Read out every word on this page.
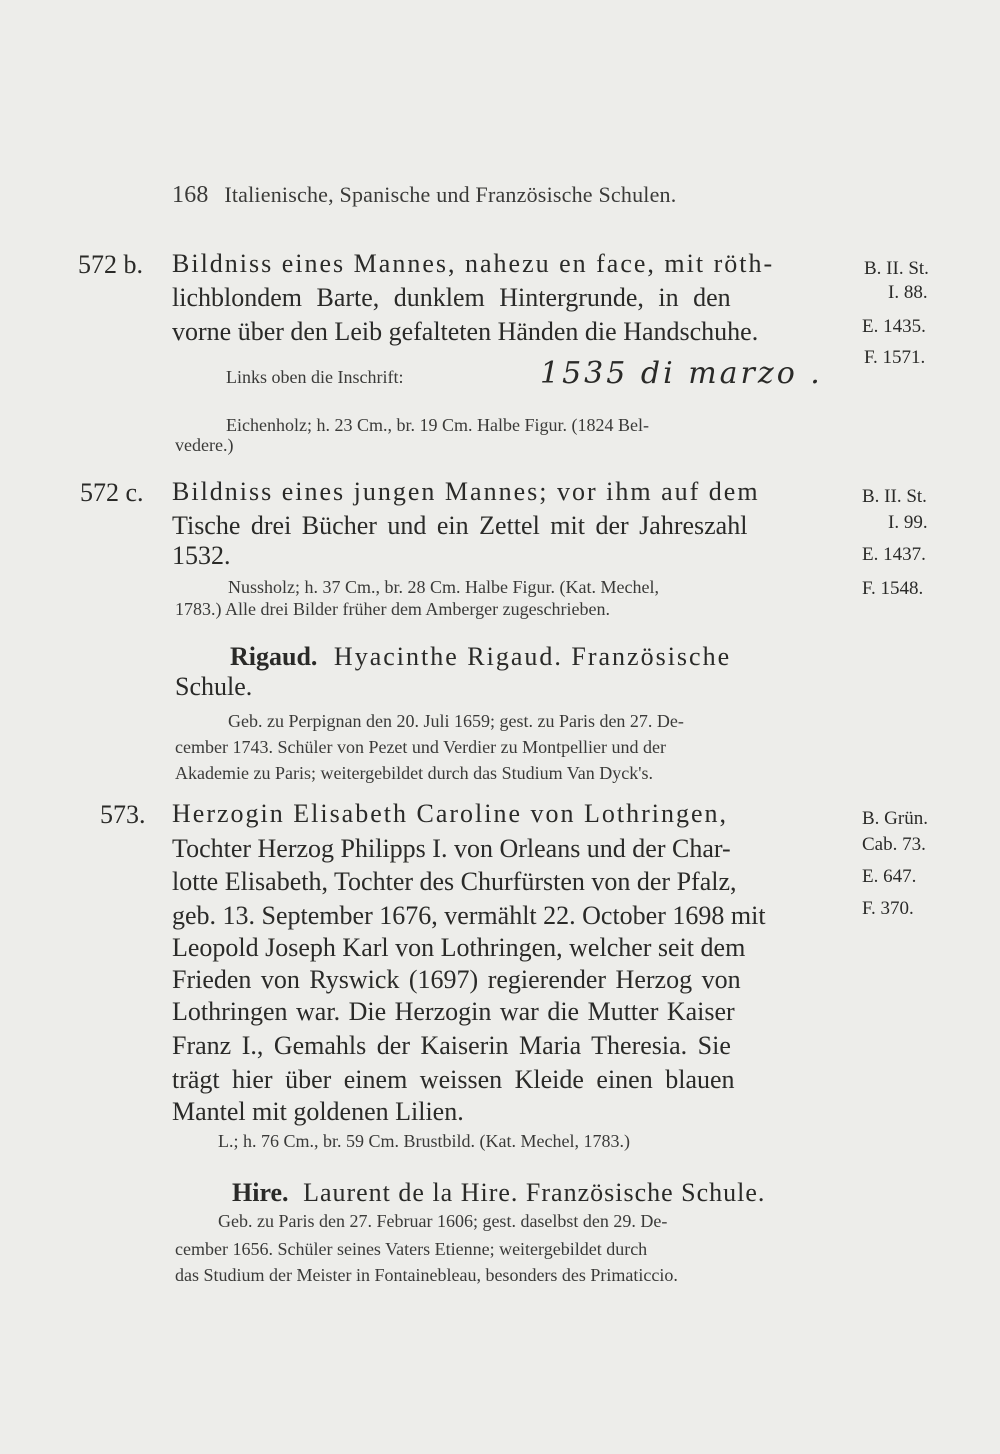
168 Italienische, Spanische und Französische Schulen.
572 b. Bildniss eines Mannes, nahezu en face, mit röth-
lichblondem Barte, dunklem Hintergrunde, in den
vorne über den Leib gefalteten Händen die Handschuhe.
Links oben die Inschrift:	1535 di marzo .
Eichenholz; h. 23 Cm., br. 19 Cm. Halbe Figur. (1824 Bel-
vedere.)
B. II. St.
I. 88.
E. 1435.
F. 1571.
572 c. Bildniss eines jungen Mannes; vor ihm auf dem
Tische drei Bücher und ein Zettel mit der Jahreszahl
1532.
Nussholz; h. 37 Cm., br. 28 Cm. Halbe Figur. (Kat. Mechel,
1783.) Alle drei Bilder früher dem Amberger zugeschrieben.
B. II. St.
I. 99.
E. 1437.
F. 1548.
Rigaud. Hyacinthe Rigaud. Französische
Schule.
Geb. zu Perpignan den 20. Juli 1659; gest. zu Paris den 27. De-
cember 1743. Schüler von Pezet und Verdier zu Montpellier und der
Akademie zu Paris; weitergebildet durch das Studium Van Dyck's.
573. Herzogin Elisabeth Caroline von Lothringen,
Tochter Herzog Philipps I. von Orleans und der Char-
lotte Elisabeth, Tochter des Churfürsten von der Pfalz,
geb. 13. September 1676, vermählt 22. October 1698 mit
Leopold Joseph Karl von Lothringen, welcher seit dem
Frieden von Ryswick (1697) regierender Herzog von
Lothringen war. Die Herzogin war die Mutter Kaiser
Franz I., Gemahls der Kaiserin Maria Theresia. Sie
trägt hier über einem weissen Kleide einen blauen
Mantel mit goldenen Lilien.
L.; h. 76 Cm., br. 59 Cm. Brustbild. (Kat. Mechel, 1783.)
B. Grün.
Cab. 73.
E. 647.
F. 370.
Hire. Laurent de la Hire. Französische Schule.
Geb. zu Paris den 27. Februar 1606; gest. daselbst den 29. De-
cember 1656. Schüler seines Vaters Etienne; weitergebildet durch
das Studium der Meister in Fontainebleau, besonders des Primaticcio.
